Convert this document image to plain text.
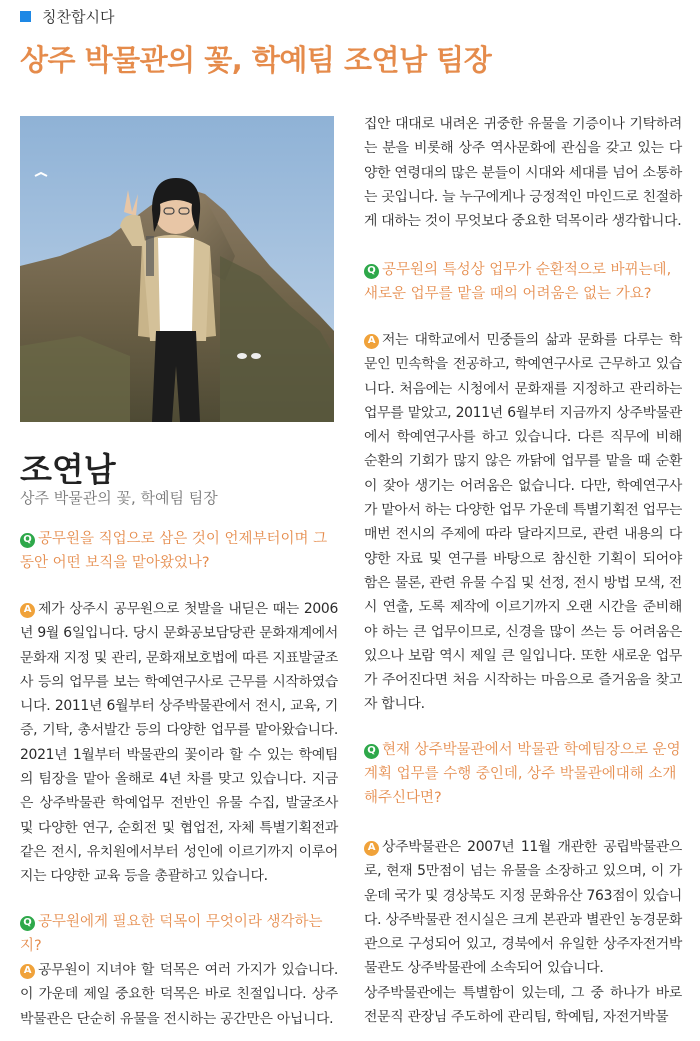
칭찬합시다
상주 박물관의 꽃, 학예팀 조연남 팀장
조연남
상주 박물관의 꽃, 학예팀 팀장
Q 공무원을 직업으로 삼은 것이 언제부터이며 그동안 어떤 보직을 맡아왔었나?
A 제가 상주시 공무원으로 첫발을 내딛은 때는 2006년 9월 6일입니다. 당시 문화공보담당관 문화재계에서 문화재 지정 및 관리, 문화재보호법에 따른 지표발굴조사 등의 업무를 보는 학예연구사로 근무를 시작하였습니다. 2011년 6월부터 상주박물관에서 전시, 교육, 기증, 기탁, 총서발간 등의 다양한 업무를 맡아왔습니다. 2021년 1월부터 박물관의 꽃이라 할 수 있는 학예팀의 팀장을 맡아 올해로 4년 차를 맞고 있습니다. 지금은 상주박물관 학예업무 전반인 유물 수집, 발굴조사 및 다양한 연구, 순회전 및 협업전, 자체 특별기획전과 같은 전시, 유치원에서부터 성인에 이르기까지 이루어지는 다양한 교육 등을 총괄하고 있습니다.
Q 공무원에게 필요한 덕목이 무엇이라 생각하는지?
A 공무원이 지녀야 할 덕목은 여러 가지가 있습니다. 이 가운데 제일 중요한 덕목은 바로 친절입니다. 상주박물관은 단순히 유물을 전시하는 공간만은 아닙니다.
집안 대대로 내려온 귀중한 유물을 기증이나 기탁하려는 분을 비롯해 상주 역사문화에 관심을 갖고 있는 다양한 연령대의 많은 분들이 시대와 세대를 넘어 소통하는 곳입니다. 늘 누구에게나 긍정적인 마인드로 친절하게 대하는 것이 무엇보다 중요한 덕목이라 생각합니다.
Q 공무원의 특성상 업무가 순환적으로 바뀌는데, 새로운 업무를 맡을 때의 어려움은 없는 가요?
A 저는 대학교에서 민중들의 삶과 문화를 다루는 학문인 민속학을 전공하고, 학예연구사로 근무하고 있습니다. 처음에는 시청에서 문화재를 지정하고 관리하는 업무를 맡았고, 2011년 6월부터 지금까지 상주박물관에서 학예연구사를 하고 있습니다. 다른 직무에 비해 순환의 기회가 많지 않은 까닭에 업무를 맡을 때 순환이 잦아 생기는 어려움은 없습니다. 다만, 학예연구사가 맡아서 하는 다양한 업무 가운데 특별기획전 업무는 매번 전시의 주제에 따라 달라지므로, 관련 내용의 다양한 자료 및 연구를 바탕으로 참신한 기획이 되어야 함은 물론, 관련 유물 수집 및 선정, 전시 방법 모색, 전시 연출, 도록 제작에 이르기까지 오랜 시간을 준비해야 하는 큰 업무이므로, 신경을 많이 쓰는 등 어려움은 있으나 보람 역시 제일 큰 일입니다. 또한 새로운 업무가 주어진다면 처음 시작하는 마음으로 즐거움을 찾고자 합니다.
Q 현재 상주박물관에서 박물관 학예팀장으로 운영계획 업무를 수행 중인데, 상주 박물관에대해 소개해주신다면?
A 상주박물관은 2007년 11월 개관한 공립박물관으로, 현재 5만점이 넘는 유물을 소장하고 있으며, 이 가운데 국가 및 경상북도 지정 문화유산 763점이 있습니다. 상주박물관 전시실은 크게 본관과 별관인 농경문화관으로 구성되어 있고, 경북에서 유일한 상주자전거박물관도 상주박물관에 소속되어 있습니다.
상주박물관에는 특별함이 있는데, 그 중 하나가 바로 전문직 관장님 주도하에 관리팀, 학예팀, 자전거박물
